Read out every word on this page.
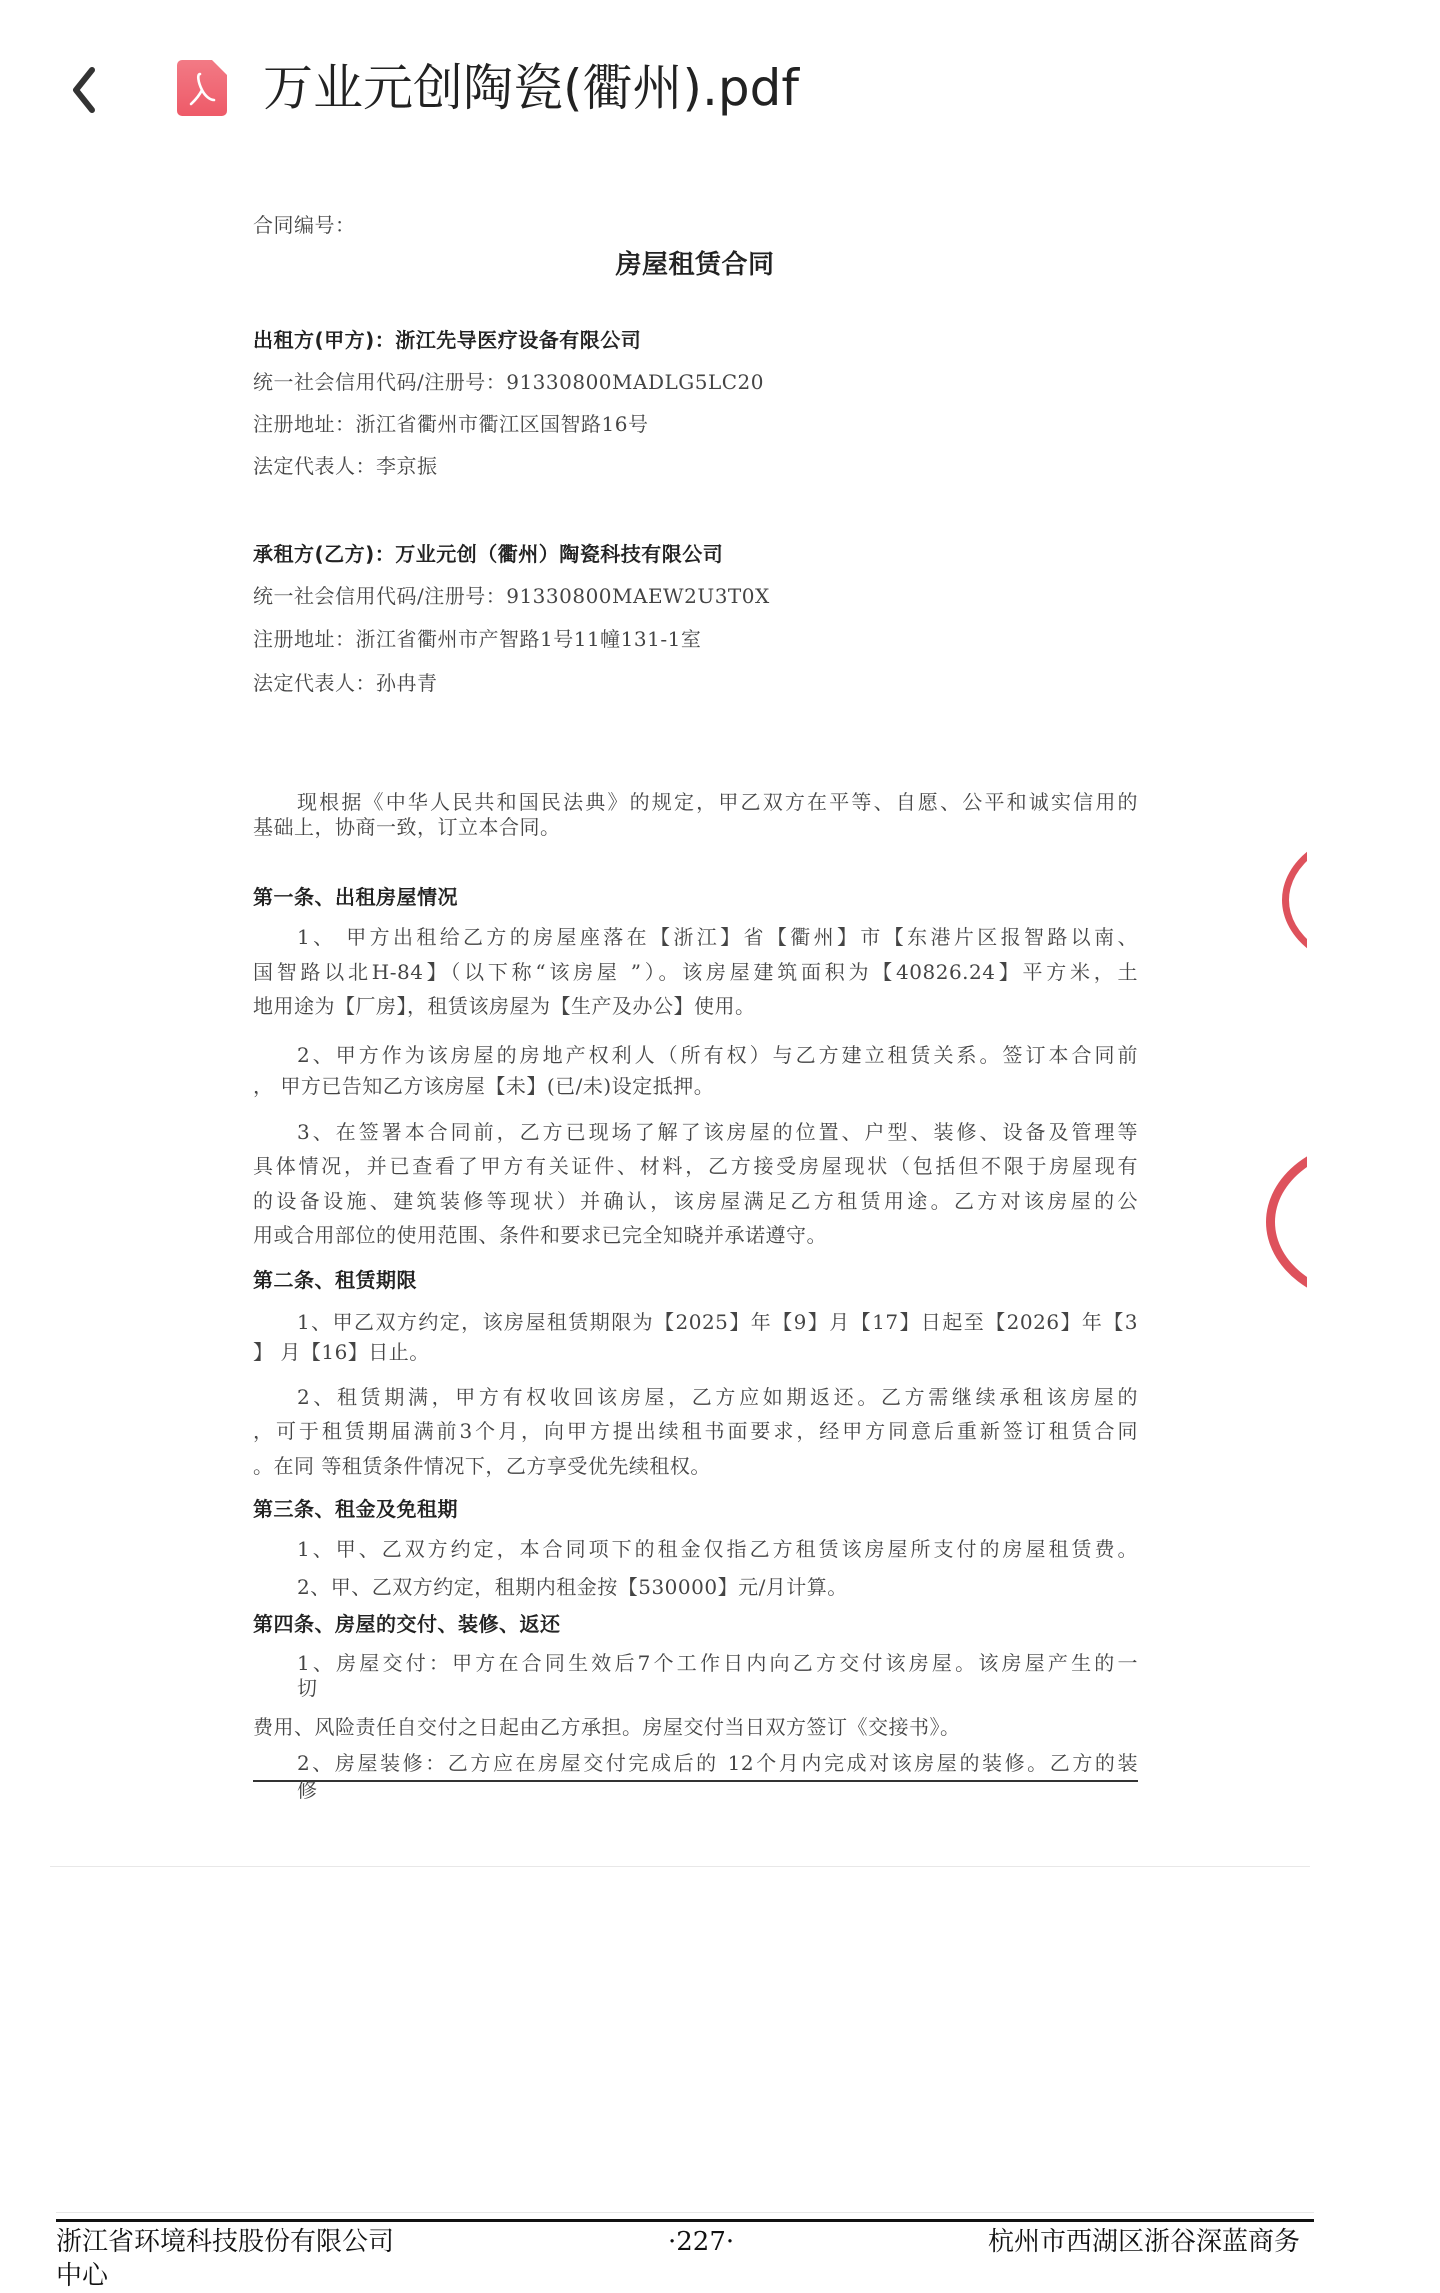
万业元创陶瓷(衢州).pdf
合同编号：
房屋租赁合同
出租方(甲方)：浙江先导医疗设备有限公司
统一社会信用代码/注册号：91330800MADLG5LC20
注册地址：浙江省衢州市衢江区国智路16号
法定代表人：李京振
承租方(乙方)：万业元创（衢州）陶瓷科技有限公司
统一社会信用代码/注册号：91330800MAEW2U3T0X
注册地址：浙江省衢州市产智路1号11幢131-1室
法定代表人：孙冉青
现根据《中华人民共和国民法典》的规定，甲乙双方在平等、自愿、公平和诚实信用的
基础上，协商一致，订立本合同。
第一条、出租房屋情况
1、 甲方出租给乙方的房屋座落在【浙江】省【衢州】市【东港片区报智路以南、
国智路以北H-84】（以下称“该房屋 ”）。该房屋建筑面积为【40826.24】平方米，土
地用途为【厂房】，租赁该房屋为【生产及办公】使用。
2、甲方作为该房屋的房地产权利人（所有权）与乙方建立租赁关系。签订本合同前
， 甲方已告知乙方该房屋【未】(已/未)设定抵押。
3、在签署本合同前，乙方已现场了解了该房屋的位置、户型、装修、设备及管理等
具体情况，并已查看了甲方有关证件、材料，乙方接受房屋现状（包括但不限于房屋现有
的设备设施、建筑装修等现状）并确认，该房屋满足乙方租赁用途。乙方对该房屋的公
用或合用部位的使用范围、条件和要求已完全知晓并承诺遵守。
第二条、租赁期限
1、甲乙双方约定，该房屋租赁期限为【2025】年【9】月【17】日起至【2026】年【3
】 月【16】日止。
2、租赁期满，甲方有权收回该房屋，乙方应如期返还。乙方需继续承租该房屋的
，可于租赁期届满前3个月，向甲方提出续租书面要求，经甲方同意后重新签订租赁合同
。在同 等租赁条件情况下，乙方享受优先续租权。
第三条、租金及免租期
1、甲、乙双方约定，本合同项下的租金仅指乙方租赁该房屋所支付的房屋租赁费。
2、甲、乙双方约定，租期内租金按【530000】元/月计算。
第四条、房屋的交付、装修、返还
1、房屋交付：甲方在合同生效后7个工作日内向乙方交付该房屋。该房屋产生的一
切
费用、风险责任自交付之日起由乙方承担。房屋交付当日双方签订《交接书》。
2、房屋装修：乙方应在房屋交付完成后的 12个月内完成对该房屋的装修。乙方的装
修
浙江省环境科技股份有限公司
中心
·227·	杭州市西湖区浙谷深蓝商务
